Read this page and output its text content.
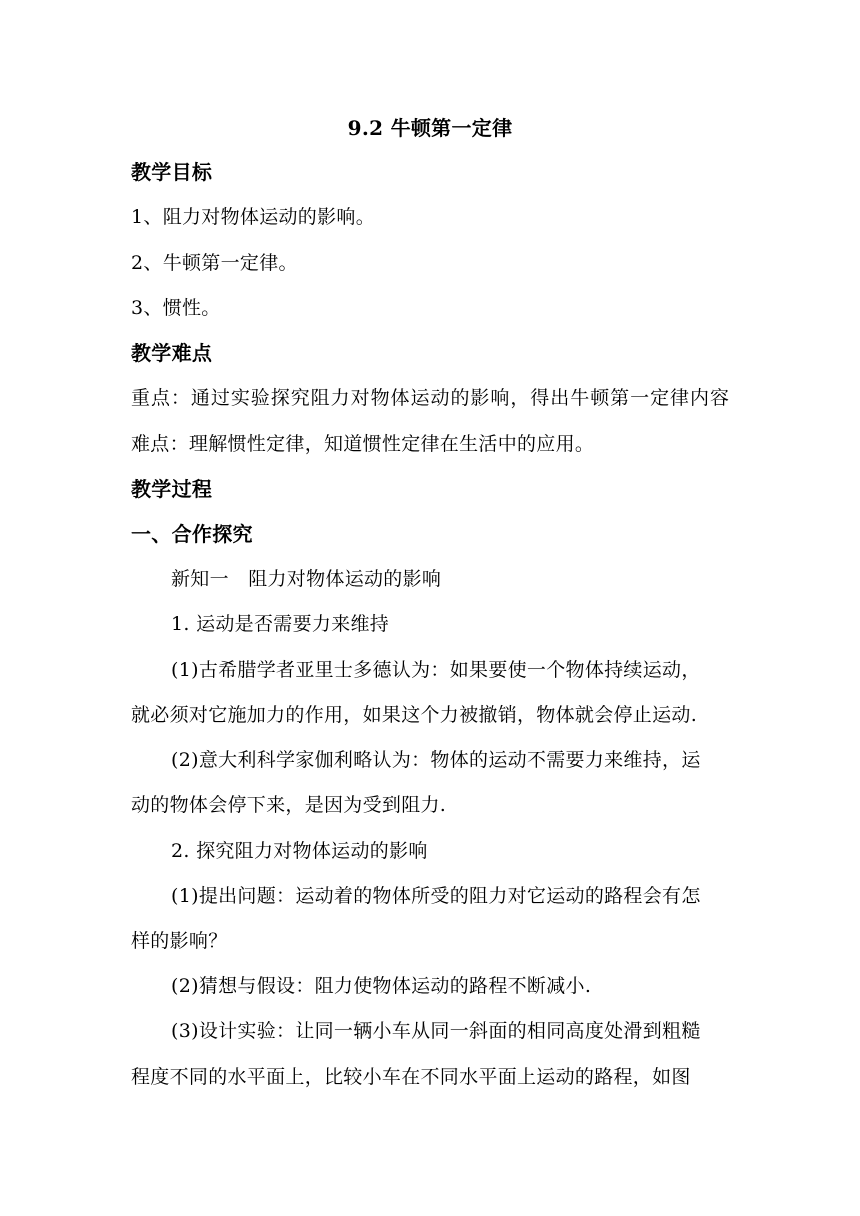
9.2 牛顿第一定律
教学目标
1、阻力对物体运动的影响。
2、牛顿第一定律。
3、惯性。
教学难点
重点：通过实验探究阻力对物体运动的影响，得出牛顿第一定律内容
难点：理解惯性定律，知道惯性定律在生活中的应用。
教学过程
一、合作探究
新知一　阻力对物体运动的影响
1. 运动是否需要力来维持
(1)古希腊学者亚里士多德认为：如果要使一个物体持续运动，
就必须对它施加力的作用，如果这个力被撤销，物体就会停止运动.
(2)意大利科学家伽利略认为：物体的运动不需要力来维持，运
动的物体会停下来，是因为受到阻力.
2. 探究阻力对物体运动的影响
(1)提出问题：运动着的物体所受的阻力对它运动的路程会有怎
样的影响？
(2)猜想与假设：阻力使物体运动的路程不断减小.
(3)设计实验：让同一辆小车从同一斜面的相同高度处滑到粗糙
程度不同的水平面上，比较小车在不同水平面上运动的路程，如图
